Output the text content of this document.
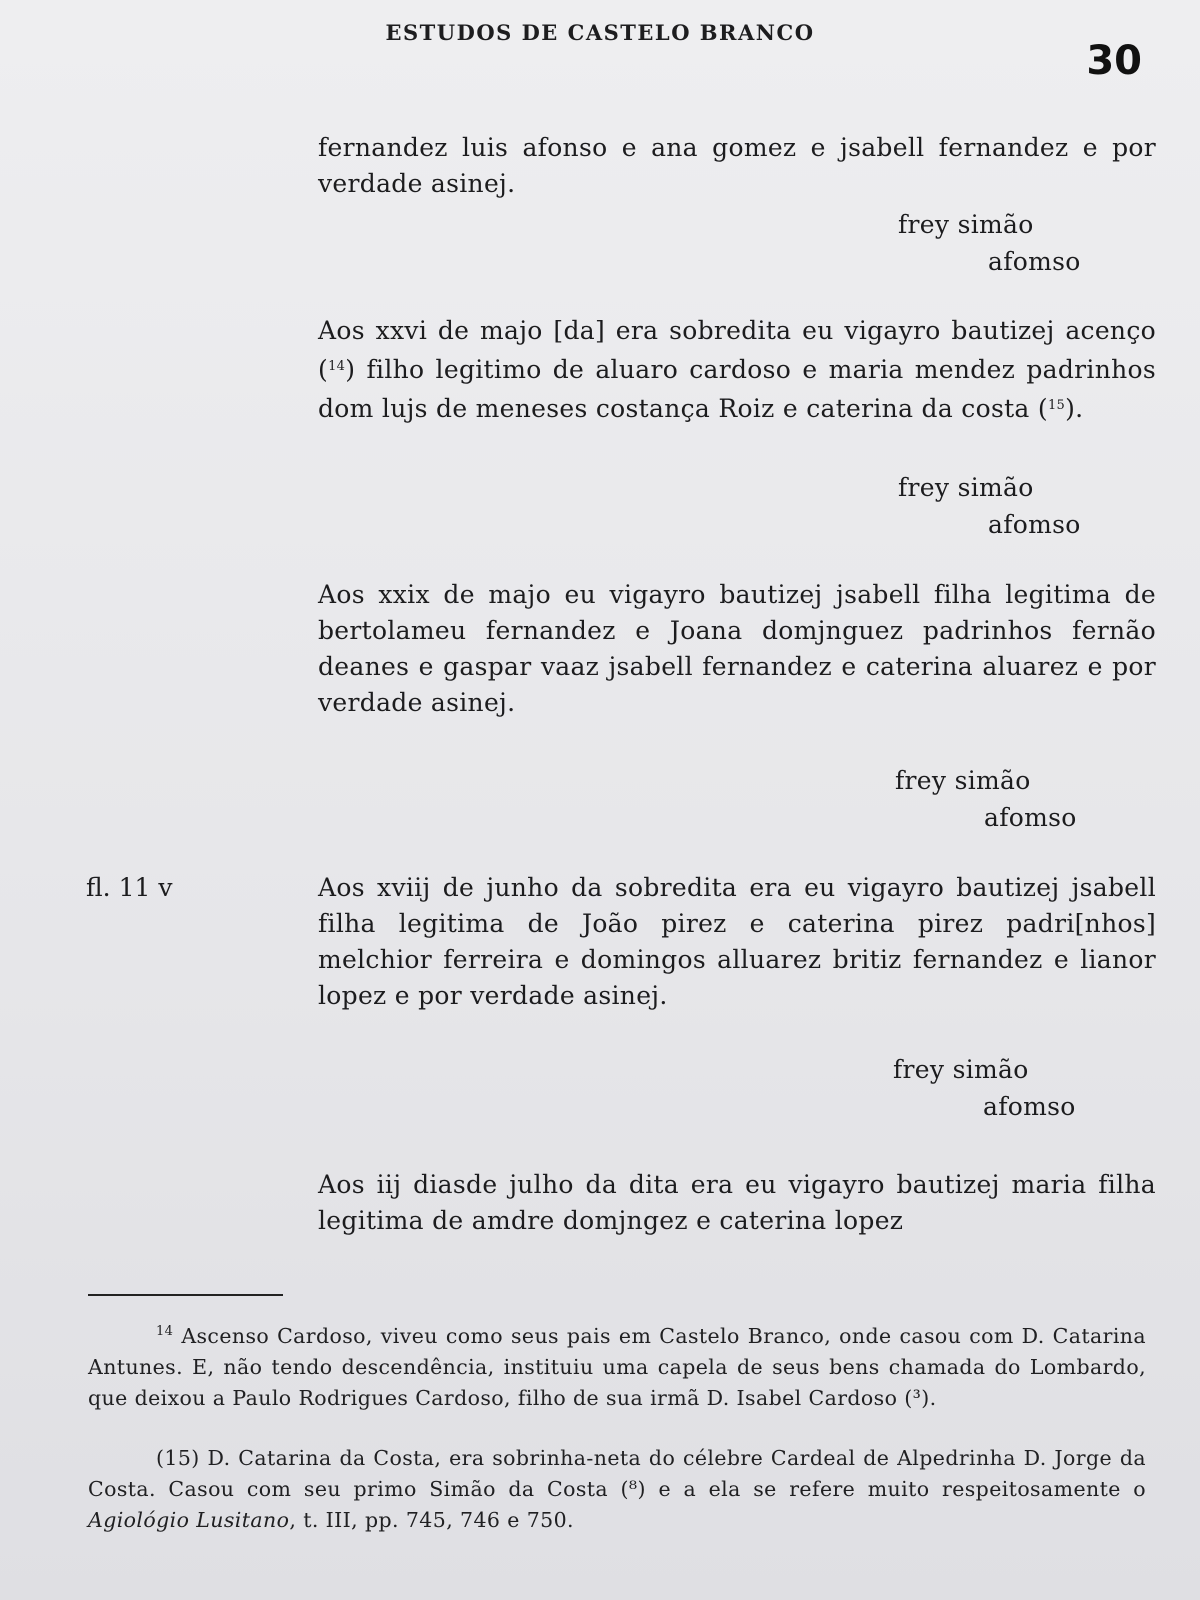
ESTUDOS DE CASTELO BRANCO
30
fernandez luis afonso e ana gomez e jsabell fernandez e por verdade asinej.
frey simão
afomso
Aos xxvi de majo [da] era sobredita eu vigayro bautizej acenço ($^{14}$) filho legitimo de aluaro cardoso e maria mendez padrinhos dom lujs de meneses costança Roiz e caterina da costa ($^{15}$).
frey simão
afomso
Aos xxix de majo eu vigayro bautizej jsabell filha legitima de bertolameu fernandez e Joana domjnguez padrinhos fernão deanes e gaspar vaaz jsabell fernandez e caterina aluarez e por verdade asinej.
frey simão
afomso
fl. 11 v	Aos xviij de junho da sobredita era eu vigayro bautizej jsabell filha legitima de João pirez e caterina pirez padri[nhos] melchior ferreira e domingos alluarez britiz fernandez e lianor lopez e por verdade asinej.
frey simão
afomso
Aos iij diasde julho da dita era eu vigayro bautizej maria filha legitima de amdre domjngez e caterina lopez
$^{14}$ Ascenso Cardoso, viveu como seus pais em Castelo Branco, onde casou com D. Catarina Antunes. E, não tendo descendência, instituiu uma capela de seus bens chamada do Lombardo, que deixou a Paulo Rodrigues Cardoso, filho de sua irmã D. Isabel Cardoso (³).
(15) D. Catarina da Costa, era sobrinha-neta do célebre Cardeal de Alpedrinha D. Jorge da Costa. Casou com seu primo Simão da Costa (⁸) e a ela se refere muito respeitosamente o Agiológio Lusitano, t. III, pp. 745, 746 e 750.
